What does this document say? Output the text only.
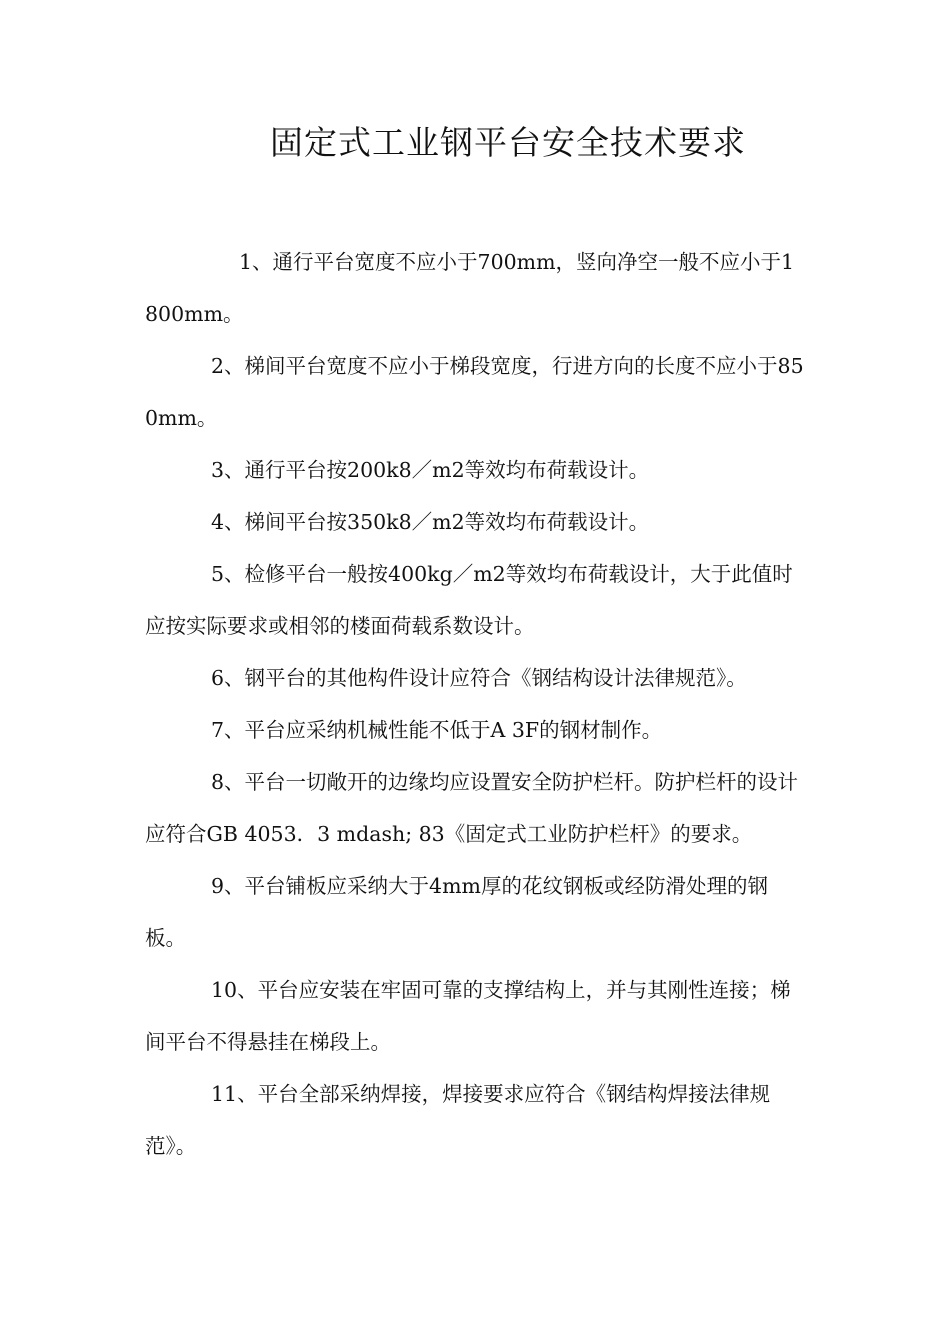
固定式工业钢平台安全技术要求

1、通行平台宽度不应小于700mm，竖向净空一般不应小于1800mm。

2、梯间平台宽度不应小于梯段宽度，行进方向的长度不应小于850mm。

3、通行平台按200k8／m2等效均布荷载设计。

4、梯间平台按350k8／m2等效均布荷载设计。

5、检修平台一般按400kg／m2等效均布荷载设计，大于此值时应按实际要求或相邻的楼面荷载系数设计。

6、钢平台的其他构件设计应符合《钢结构设计法律规范》。

7、平台应采纳机械性能不低于A 3F的钢材制作。

8、平台一切敞开的边缘均应设置安全防护栏杆。防护栏杆的设计应符合GB 4053．3 mdash; 83《固定式工业防护栏杆》的要求。

9、平台铺板应采纳大于4mm厚的花纹钢板或经防滑处理的钢板。

10、平台应安装在牢固可靠的支撑结构上，并与其刚性连接；梯间平台不得悬挂在梯段上。

11、平台全部采纳焊接，焊接要求应符合《钢结构焊接法律规范》。
